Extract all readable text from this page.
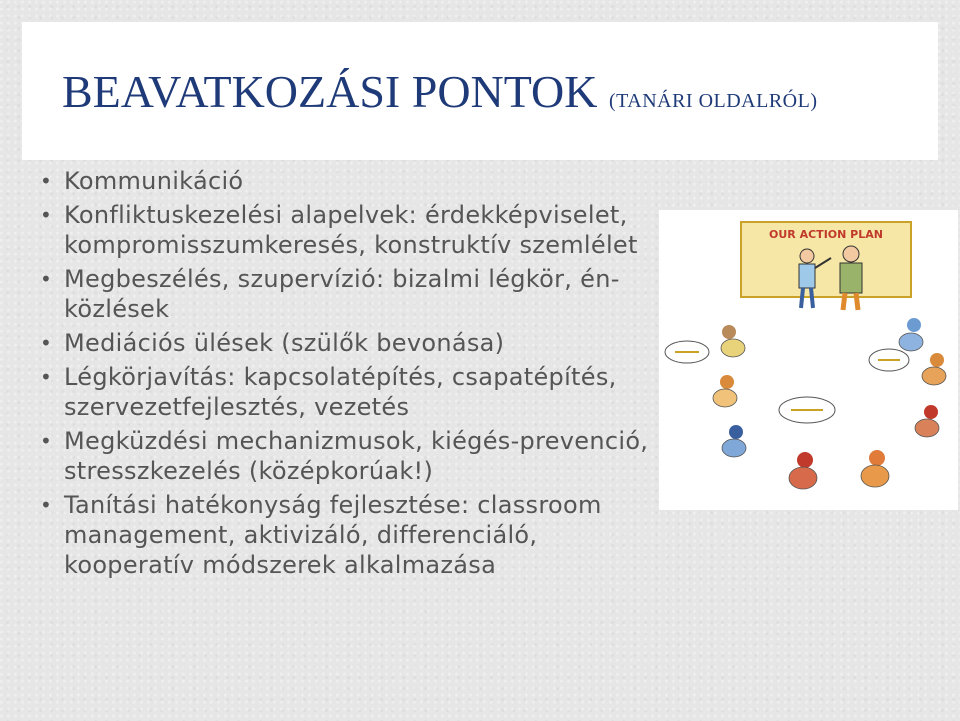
BEAVATKOZÁSI PONTOK (TANÁRI OLDALRÓL)
• Kommunikáció
• Konfliktuskezelési alapelvek: érdekképviselet, kompromisszumkeresés, konstruktív szemlélet
• Megbeszélés, szupervízió: bizalmi légkör, én-közlések
• Mediációs ülések (szülők bevonása)
• Légkörjavítás: kapcsolatépítés, csapatépítés, szervezetfejlesztés, vezetés
• Megküzdési mechanizmusok, kiégés-prevenció, stresszkezelés (középkorúak!)
• Tanítási hatékonyság fejlesztése: classroom management, aktivizáló, differenciáló, kooperatív módszerek alkalmazása
OUR ACTION PLAN
